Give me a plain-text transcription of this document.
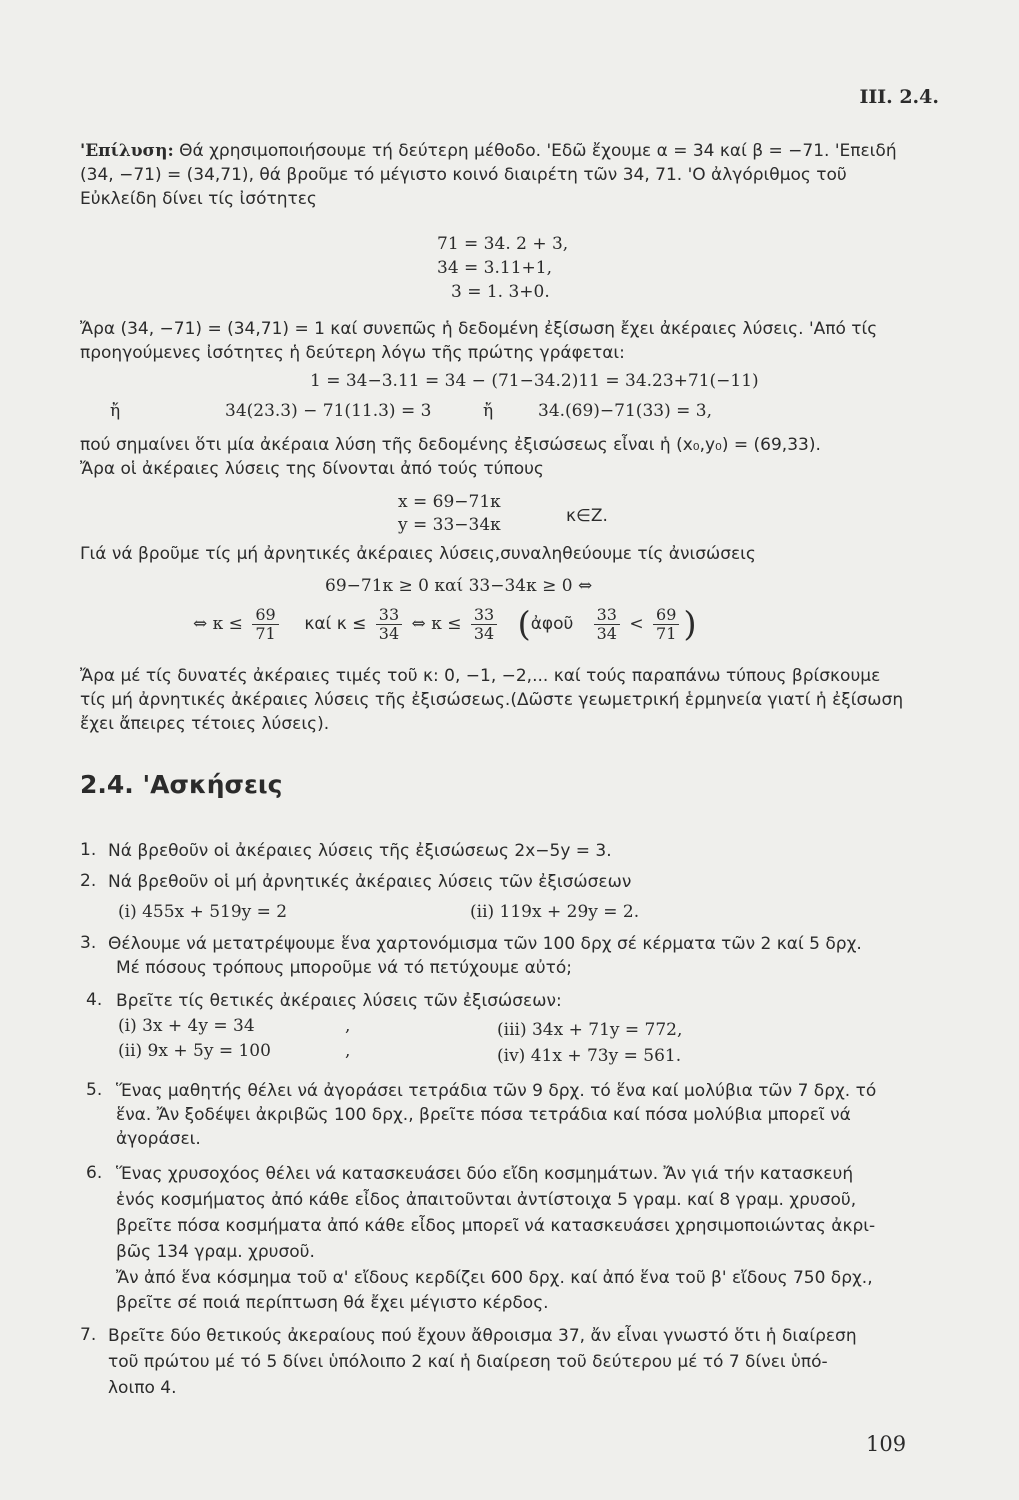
III. 2.4.
'Επίλυση: Θά χρησιμοποιήσουμε τή δεύτερη μέθοδο. 'Εδῶ ἔχουμε α = 34 καί β = −71. 'Επειδή
(34, −71) = (34,71), θά βροῦμε τό μέγιστο κοινό διαιρέτη τῶν 34, 71. 'Ο ἀλγόριθμος τοῦ
Εὐκλείδη δίνει τίς ἰσότητες
71 = 34. 2 + 3,
34 = 3.11+1,
3 = 1. 3+0.
Ἄρα (34, −71) = (34,71) = 1 καί συνεπῶς ἡ δεδομένη ἐξίσωση ἔχει ἀκέραιες λύσεις. 'Από τίς
προηγούμενες ἰσότητες ἡ δεύτερη λόγω τῆς πρώτης γράφεται:
1 = 34−3.11 = 34 − (71−34.2)11 = 34.23+71(−11)
ἤ	34(23.3) − 71(11.3) = 3	ἤ	34.(69)−71(33) = 3,
πού σημαίνει ὅτι μία ἀκέραια λύση τῆς δεδομένης ἐξισώσεως εἶναι ἡ (x₀,y₀) = (69,33).
Ἄρα οἱ ἀκέραιες λύσεις της δίνονται ἀπό τούς τύπους
x = 69−71κ
y = 33−34κ	κ∈Z.
Γιά νά βροῦμε τίς μή ἀρνητικές ἀκέραιες λύσεις,συναληθεύουμε τίς ἀνισώσεις
69−71κ ≥ 0 καί 33−34κ ≥ 0 ⇔
⇔ $\kappa \le \frac{69}{71}$ καί $\kappa \le \frac{33}{34}$ ⇔ $\kappa \le \frac{33}{34}$ (ἀφοῦ $\frac{33}{34} < \frac{69}{71}$ )
Ἄρα μέ τίς δυνατές ἀκέραιες τιμές τοῦ κ: 0, −1, −2,... καί τούς παραπάνω τύπους βρίσκουμε
τίς μή ἀρνητικές ἀκέραιες λύσεις τῆς ἐξισώσεως.(Δῶστε γεωμετρική ἑρμηνεία γιατί ἡ ἐξίσωση
ἔχει ἄπειρες τέτοιες λύσεις).
2.4. 'Ασκήσεις
1. Νά βρεθοῦν οἱ ἀκέραιες λύσεις τῆς ἐξισώσεως 2x−5y = 3.
2. Νά βρεθοῦν οἱ μή ἀρνητικές ἀκέραιες λύσεις τῶν ἐξισώσεων
(i) 455x + 519y = 2	(ii) 119x + 29y = 2.
3. Θέλουμε νά μετατρέψουμε ἕνα χαρτονόμισμα τῶν 100 δρχ σέ κέρματα τῶν 2 καί 5 δρχ.
Μέ πόσους τρόπους μποροῦμε νά τό πετύχουμε αὐτό;
4. Βρεῖτε τίς θετικές ἀκέραιες λύσεις τῶν ἐξισώσεων:
(i) 3x + 4y = 34	,	(iii) 34x + 71y = 772,
(ii) 9x + 5y = 100	,	(iv) 41x + 73y = 561.
5. Ἕνας μαθητής θέλει νά ἀγοράσει τετράδια τῶν 9 δρχ. τό ἕνα καί μολύβια τῶν 7 δρχ. τό
ἕνα. Ἄν ξοδέψει ἀκριβῶς 100 δρχ., βρεῖτε πόσα τετράδια καί πόσα μολύβια μπορεῖ νά
ἀγοράσει.
6. Ἕνας χρυσοχόος θέλει νά κατασκευάσει δύο εἴδη κοσμημάτων. Ἄν γιά τήν κατασκευή
ἑνός κοσμήματος ἀπό κάθε εἶδος ἀπαιτοῦνται ἀντίστοιχα 5 γραμ. καί 8 γραμ. χρυσοῦ,
βρεῖτε πόσα κοσμήματα ἀπό κάθε εἶδος μπορεῖ νά κατασκευάσει χρησιμοποιώντας ἀκρι-
βῶς 134 γραμ. χρυσοῦ.
Ἄν ἀπό ἕνα κόσμημα τοῦ α' εἴδους κερδίζει 600 δρχ. καί ἀπό ἕνα τοῦ β' εἴδους 750 δρχ.,
βρεῖτε σέ ποιά περίπτωση θά ἔχει μέγιστο κέρδος.
7. Βρεῖτε δύο θετικούς ἀκεραίους πού ἔχουν ἄθροισμα 37, ἄν εἶναι γνωστό ὅτι ἡ διαίρεση
τοῦ πρώτου μέ τό 5 δίνει ὑπόλοιπο 2 καί ἡ διαίρεση τοῦ δεύτερου μέ τό 7 δίνει ὑπό-
λοιπο 4.
109
